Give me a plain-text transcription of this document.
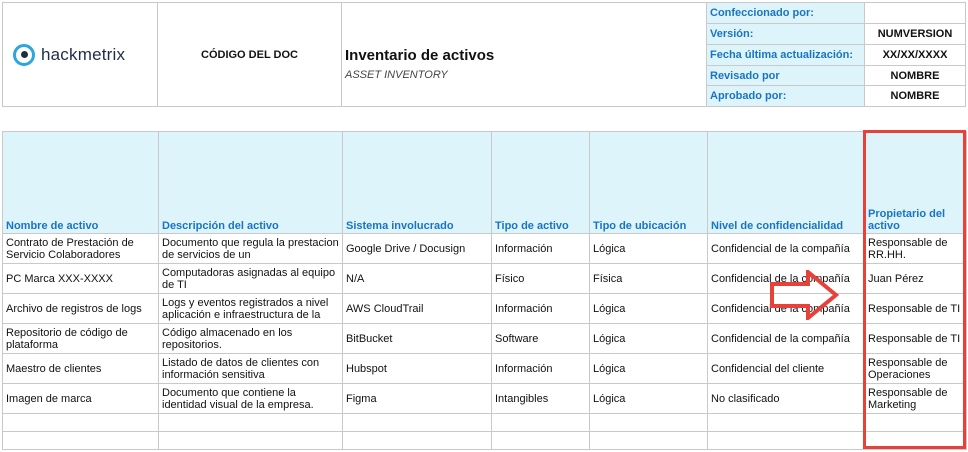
hackmetrix	CÓDIGO DEL DOC	Inventario de activos
ASSET INVENTORY
Confeccionado por:
Versión:	NUMVERSION
Fecha última actualización:	XX/XX/XXXX
Revisado por	NOMBRE
Aprobado por:	NOMBRE
Nombre de activo	Descripción del activo	Sistema involucrado	Tipo de activo	Tipo de ubicación	Nivel de confidencialidad	Propietario del activo

Contrato de Prestación de Servicio Colaboradores	Documento que regula la prestacion de servicios de un	Google Drive / Docusign	Información	Lógica	Confidencial de la compañía	Responsable de RR.HH.

PC Marca XXX-XXXX	Computadoras asignadas al equipo de TI	N/A	Físico	Física	Confidencial de la compañía	Juan Pérez

Archivo de registros de logs	Logs y eventos registrados a nivel aplicación e infraestructura de la	AWS CloudTrail	Información	Lógica	Confidencial de la compañía	Responsable de TI

Repositorio de código de plataforma	Código almacenado en los repositorios.	BitBucket	Software	Lógica	Confidencial de la compañía	Responsable de TI

Maestro de clientes	Listado de datos de clientes con información sensitiva	Hubspot	Información	Lógica	Confidencial del cliente	Responsable de Operaciones

Imagen de marca	Documento que contiene la identidad visual de la empresa.	Figma	Intangibles	Lógica	No clasificado	Responsable de Marketing
